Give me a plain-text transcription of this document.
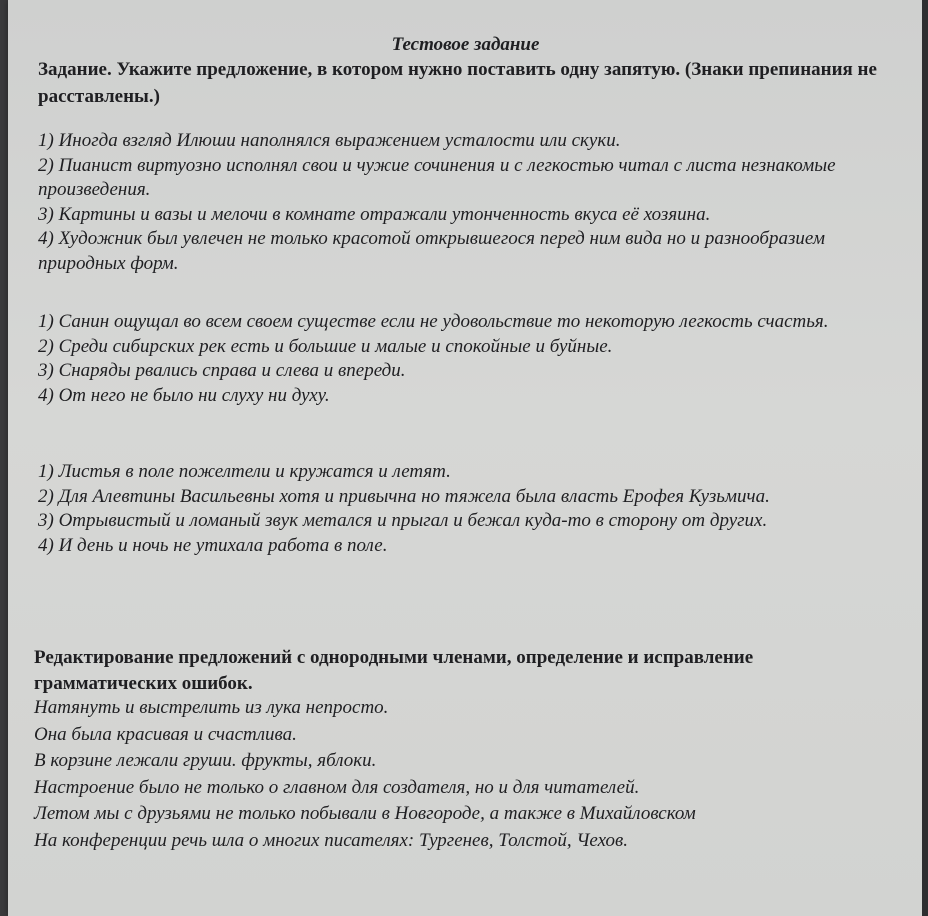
Тестовое задание
Задание. Укажите предложение, в котором нужно поставить одну запятую. (Знаки препинания не расставлены.)

1) Иногда взгляд Илюши наполнялся выражением усталости или скуки.

2) Пианист виртуозно исполнял свои и чужие сочинения и с легкостью читал с листа незнакомые произведения.

3) Картины и вазы и мелочи в комнате отражали утонченность вкуса её хозяина.

4) Художник был увлечен не только красотой открывшегося перед ним вида но и разнообразием природных форм.

1) Санин ощущал во всем своем существе если не удовольствие то некоторую легкость счастья.

2) Среди сибирских рек есть и большие и малые и спокойные и буйные.

3) Снаряды рвались справа и слева и впереди.

4) От него не было ни слуху ни духу.

1) Листья в поле пожелтели и кружатся и летят.

2) Для Алевтины Васильевны хотя и привычна но тяжела была власть Ерофея Кузьмича.

3) Отрывистый и ломаный звук метался и прыгал и бежал куда-то в сторону от других.

4) И день и ночь не утихала работа в поле.

Редактирование предложений с однородными членами, определение и исправление грамматических ошибок.

Натянуть и выстрелить из лука непросто.

Она была красивая и счастлива.

В корзине лежали груши. фрукты, яблоки.

Настроение было не только о главном для создателя, но и для читателей.

Летом мы с друзьями не только побывали в Новгороде, а также в Михайловском

На конференции речь шла о многих писателях: Тургенев, Толстой, Чехов.
